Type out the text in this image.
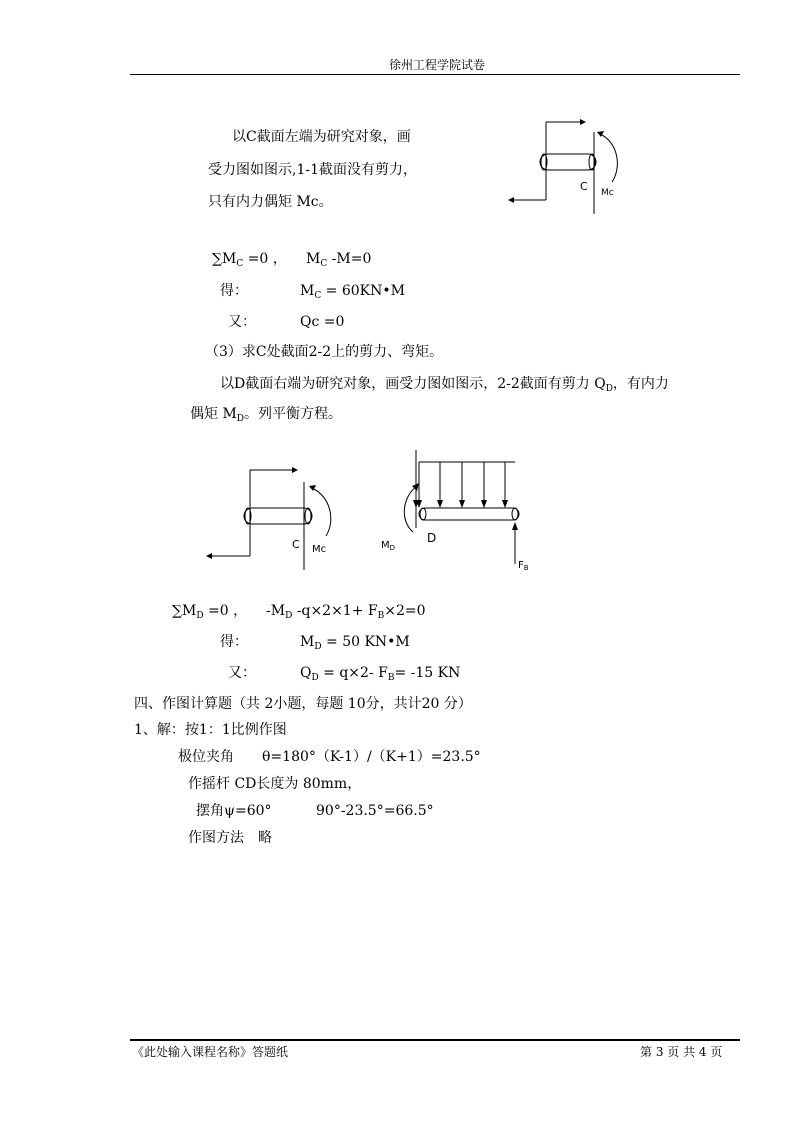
徐州工程学院试卷
以C截面左端为研究对象，画
受力图如图示,1-1截面没有剪力，
只有内力偶矩 Mc。
C Mc
$\sum M_C =0$ ， $M_C$ -M=0
得：	$M_C$ = 60KN•M
又：	Qc =0
（3）求C处截面2-2上的剪力、弯矩。
以D截面右端为研究对象，画受力图如图示，2-2截面有剪力 $Q_D$，有内力
偶矩 $M_D$。列平衡方程。
C Mc	$M_D$
D
$F_B$
$\sum M_D =0$ ， $-M_D$ $-q\times 2\times 1+ F_B\times 2=0$
得：	$M_D = 50$ KN•M
又：	$Q_D = q\times 2-$ $F_B= -15$ KN
四、作图计算题（共 2小题，每题 10分，共计20 分）
1、解：按1：1比例作图
极位夹角　　θ=180°（K-1）/（K+1）=23.5°
作摇杆 CD长度为 80mm，
摆角ψ=60°	90°-23.5°=66.5°
作图方法　略
《此处输入课程名称》答题纸	第 3 页 共 4 页
